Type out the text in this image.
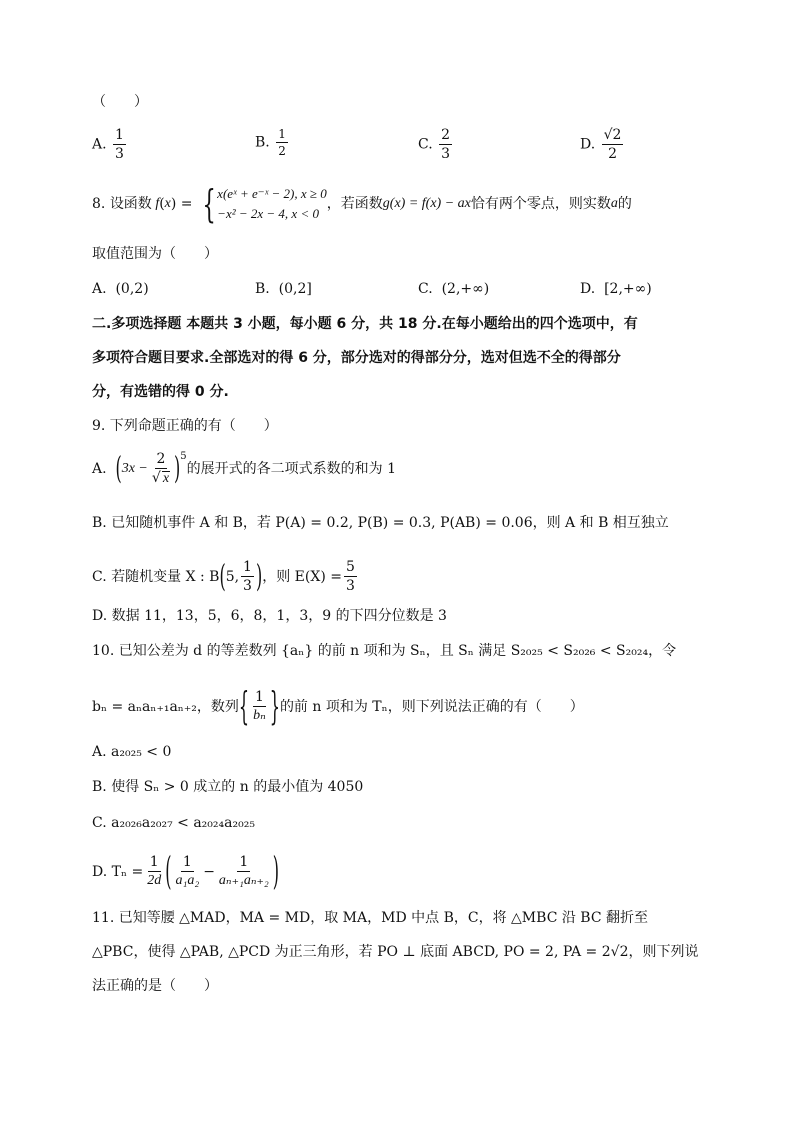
（　　）
A. $\frac{1}{3}$	B. $\frac{1}{2}$	C. $\frac{2}{3}$	D. $\frac{√2}{2}$
8.
设函数 f ( x ) = { x(eˣ + e⁻ˣ − 2), x ≥ 0
−x² − 2x − 4, x < 0
，若函数 g(x) = f(x) − ax 恰有两个零点，则实数 a 的
取值范围为（　　）
A. (0,2)	B. (0,2]	C. (2,+∞)	D. [2,+∞)
二.多项选择题 本题共 3 小题，每小题 6 分，共 18 分.在每小题给出的四个选项中，有
多项符合题目要求.全部选对的得 6 分，部分选对的得部分分，选对但选不全的得部分
分，有选错的得 0 分.
9. 下列命题正确的有（　　）
A.
( $3x - \frac{2}{√ x} )^5$
的展开式的各二项式系数的和为 1
B. 已知随机事件 A 和 B，若 P(A) = 0.2, P(B) = 0.3, P(AB) = 0.06，则 A 和 B 相互独立
C. 若随机变量 X : B ( 5, $\frac{1}{3}$ ) ，则 $E(X) = \frac{5}{3}$
D. 数据 11，13，5，6，8，1，3，9 的下四分位数是 3
10. 已知公差为 d 的等差数列 {aₙ} 的前 n 项和为 Sₙ，且 Sₙ 满足 S₂₀₂₅ < S₂₀₂₆ < S₂₀₂₄，令
bₙ = aₙaₙ₊₁aₙ₊₂，数列 { $\frac{1}{\text{bₙ}}$ } 的前 n 项和为 Tₙ，则下列说法正确的有（　　）
A. a₂₀₂₅ < 0
B. 使得 Sₙ > 0 成立的 n 的最小值为 4050
C. a₂₀₂₆a₂₀₂₇ < a₂₀₂₄a₂₀₂₅
D. $T_n = \frac{1}{2d}$ ( $\frac{1}{\text{a₁a₂}} - \frac{1}{\text{aₙ₊₁aₙ₊₂}}$ )
11. 已知等腰 △MAD，MA = MD，取 MA，MD 中点 B，C，将 △MBC 沿 BC 翻折至
△PBC，使得 △PAB, △PCD 为正三角形，若 PO ⊥ 底面 ABCD, PO = 2, PA = 2√2，则下列说
法正确的是（　　）
